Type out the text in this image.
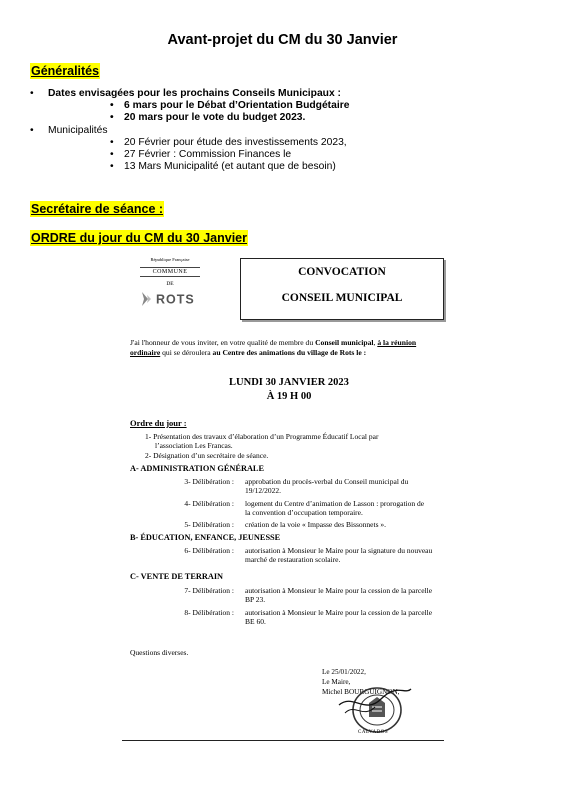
Avant-projet du CM du 30 Janvier
Généralités
• Dates envisagées pour les prochains Conseils Municipaux :
• 6 mars pour le Débat d’Orientation Budgétaire
• 20 mars pour le vote du budget 2023.
• Municipalités
• 20 Février pour étude des investissements 2023,
• 27 Février : Commission Finances le
• 13 Mars Municipalité (et autant que de besoin)
Secrétaire de séance :
ORDRE du jour du CM du 30 Janvier
République Française
COMMUNE
DE
ROTS
CONVOCATION
CONSEIL MUNICIPAL
J'ai l'honneur de vous inviter, en votre qualité de membre du Conseil municipal, à la réunion ordinaire qui se déroulera au Centre des animations du village de Rots le :
LUNDI 30 JANVIER 2023
À 19 H 00
Ordre du jour :
1- Présentation des travaux d’élaboration d’un Programme Éducatif Local par
l’association Les Francas.
2- Désignation d’un secrétaire de séance.
A- ADMINISTRATION GÉNÉRALE
3- Délibération : approbation du procès-verbal du Conseil municipal du
19/12/2022.
4- Délibération : logement du Centre d’animation de Lasson : prorogation de
la convention d’occupation temporaire.
5- Délibération : création de la voie « Impasse des Bissonnets ».
B- ÉDUCATION, ENFANCE, JEUNESSE
6- Délibération : autorisation à Monsieur le Maire pour la signature du nouveau
marché de restauration scolaire.
C- VENTE DE TERRAIN
7- Délibération : autorisation à Monsieur le Maire pour la cession de la parcelle
BP 23.
8- Délibération : autorisation à Monsieur le Maire pour la cession de la parcelle
BE 60.
Questions diverses.
Le 25/01/2022,
Le Maire,
Michel BOURGUIGNON,
CALVADOS
